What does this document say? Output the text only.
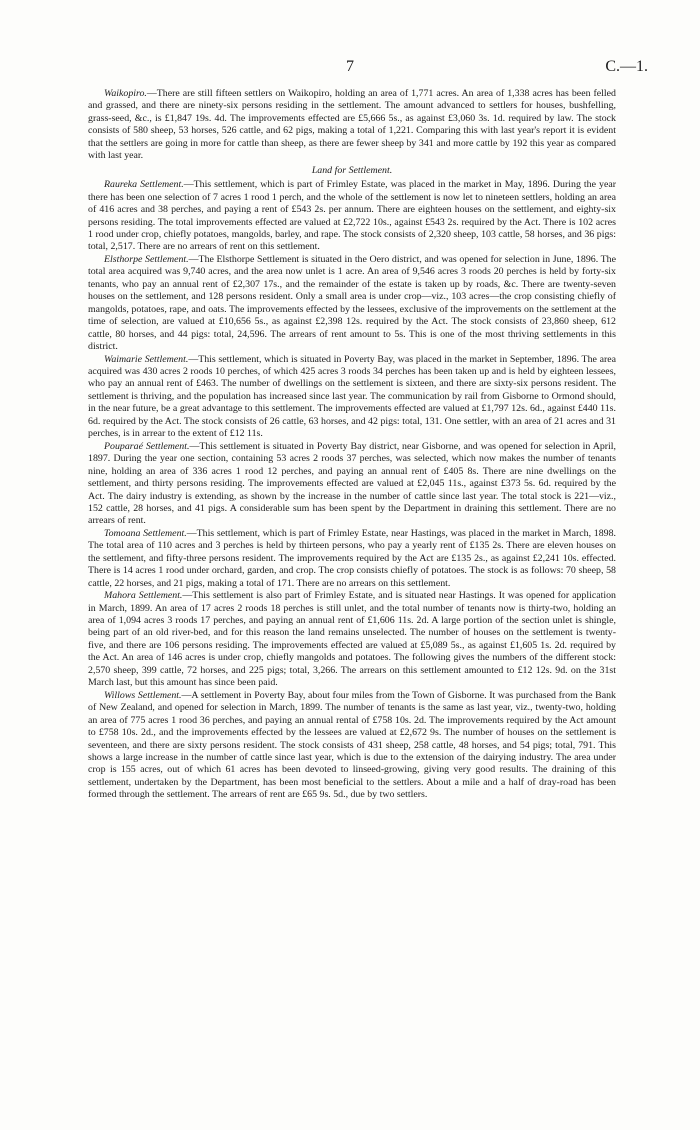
7	C.—1.

Waikopiro.—There are still fifteen settlers on Waikopiro, holding an area of 1,771 acres. An area of 1,338 acres has been felled and grassed, and there are ninety-six persons residing in the settlement. The amount advanced to settlers for houses, bushfelling, grass-seed, &c., is £1,847 19s. 4d. The improvements effected are £5,666 5s., as against £3,060 3s. 1d. required by law. The stock consists of 580 sheep, 53 horses, 526 cattle, and 62 pigs, making a total of 1,221. Comparing this with last year's report it is evident that the settlers are going in more for cattle than sheep, as there are fewer sheep by 341 and more cattle by 192 this year as compared with last year.

Land for Settlement.

Raureka Settlement.—This settlement, which is part of Frimley Estate, was placed in the market in May, 1896. During the year there has been one selection of 7 acres 1 rood 1 perch, and the whole of the settlement is now let to nineteen settlers, holding an area of 416 acres and 38 perches, and paying a rent of £543 2s. per annum. There are eighteen houses on the settlement, and eighty-six persons residing. The total improvements effected are valued at £2,722 10s., against £543 2s. required by the Act. There is 102 acres 1 rood under crop, chiefly potatoes, mangolds, barley, and rape. The stock consists of 2,320 sheep, 103 cattle, 58 horses, and 36 pigs: total, 2,517. There are no arrears of rent on this settlement.

Elsthorpe Settlement.—The Elsthorpe Settlement is situated in the Oero district, and was opened for selection in June, 1896. The total area acquired was 9,740 acres, and the area now unlet is 1 acre. An area of 9,546 acres 3 roods 20 perches is held by forty-six tenants, who pay an annual rent of £2,307 17s., and the remainder of the estate is taken up by roads, &c. There are twenty-seven houses on the settlement, and 128 persons resident. Only a small area is under crop—viz., 103 acres—the crop consisting chiefly of mangolds, potatoes, rape, and oats. The improvements effected by the lessees, exclusive of the improvements on the settlement at the time of selection, are valued at £10,656 5s., as against £2,398 12s. required by the Act. The stock consists of 23,860 sheep, 612 cattle, 80 horses, and 44 pigs: total, 24,596. The arrears of rent amount to 5s. This is one of the most thriving settlements in this district.

Waimarie Settlement.—This settlement, which is situated in Poverty Bay, was placed in the market in September, 1896. The area acquired was 430 acres 2 roods 10 perches, of which 425 acres 3 roods 34 perches has been taken up and is held by eighteen lessees, who pay an annual rent of £463. The number of dwellings on the settlement is sixteen, and there are sixty-six persons resident. The settlement is thriving, and the population has increased since last year. The communication by rail from Gisborne to Ormond should, in the near future, be a great advantage to this settlement. The improvements effected are valued at £1,797 12s. 6d., against £440 11s. 6d. required by the Act. The stock consists of 26 cattle, 63 horses, and 42 pigs: total, 131. One settler, with an area of 21 acres and 31 perches, is in arrear to the extent of £12 11s.

Pouparaé Settlement.—This settlement is situated in Poverty Bay district, near Gisborne, and was opened for selection in April, 1897. During the year one section, containing 53 acres 2 roods 37 perches, was selected, which now makes the number of tenants nine, holding an area of 336 acres 1 rood 12 perches, and paying an annual rent of £405 8s. There are nine dwellings on the settlement, and thirty persons residing. The improvements effected are valued at £2,045 11s., against £373 5s. 6d. required by the Act. The dairy industry is extending, as shown by the increase in the number of cattle since last year. The total stock is 221—viz., 152 cattle, 28 horses, and 41 pigs. A considerable sum has been spent by the Department in draining this settlement. There are no arrears of rent.

Tomoana Settlement.—This settlement, which is part of Frimley Estate, near Hastings, was placed in the market in March, 1898. The total area of 110 acres and 3 perches is held by thirteen persons, who pay a yearly rent of £135 2s. There are eleven houses on the settlement, and fifty-three persons resident. The improvements required by the Act are £135 2s., as against £2,241 10s. effected. There is 14 acres 1 rood under orchard, garden, and crop. The crop consists chiefly of potatoes. The stock is as follows: 70 sheep, 58 cattle, 22 horses, and 21 pigs, making a total of 171. There are no arrears on this settlement.

Mahora Settlement.—This settlement is also part of Frimley Estate, and is situated near Hastings. It was opened for application in March, 1899. An area of 17 acres 2 roods 18 perches is still unlet, and the total number of tenants now is thirty-two, holding an area of 1,094 acres 3 roods 17 perches, and paying an annual rent of £1,606 11s. 2d. A large portion of the section unlet is shingle, being part of an old river-bed, and for this reason the land remains unselected. The number of houses on the settlement is twenty-five, and there are 106 persons residing. The improvements effected are valued at £5,089 5s., as against £1,605 1s. 2d. required by the Act. An area of 146 acres is under crop, chiefly mangolds and potatoes. The following gives the numbers of the different stock: 2,570 sheep, 399 cattle, 72 horses, and 225 pigs; total, 3,266. The arrears on this settlement amounted to £12 12s. 9d. on the 31st March last, but this amount has since been paid.

Willows Settlement.—A settlement in Poverty Bay, about four miles from the Town of Gisborne. It was purchased from the Bank of New Zealand, and opened for selection in March, 1899. The number of tenants is the same as last year, viz., twenty-two, holding an area of 775 acres 1 rood 36 perches, and paying an annual rental of £758 10s. 2d. The improvements required by the Act amount to £758 10s. 2d., and the improvements effected by the lessees are valued at £2,672 9s. The number of houses on the settlement is seventeen, and there are sixty persons resident. The stock consists of 431 sheep, 258 cattle, 48 horses, and 54 pigs; total, 791. This shows a large increase in the number of cattle since last year, which is due to the extension of the dairying industry. The area under crop is 155 acres, out of which 61 acres has been devoted to linseed-growing, giving very good results. The draining of this settlement, undertaken by the Department, has been most beneficial to the settlers. About a mile and a half of dray-road has been formed through the settlement. The arrears of rent are £65 9s. 5d., due by two settlers.
